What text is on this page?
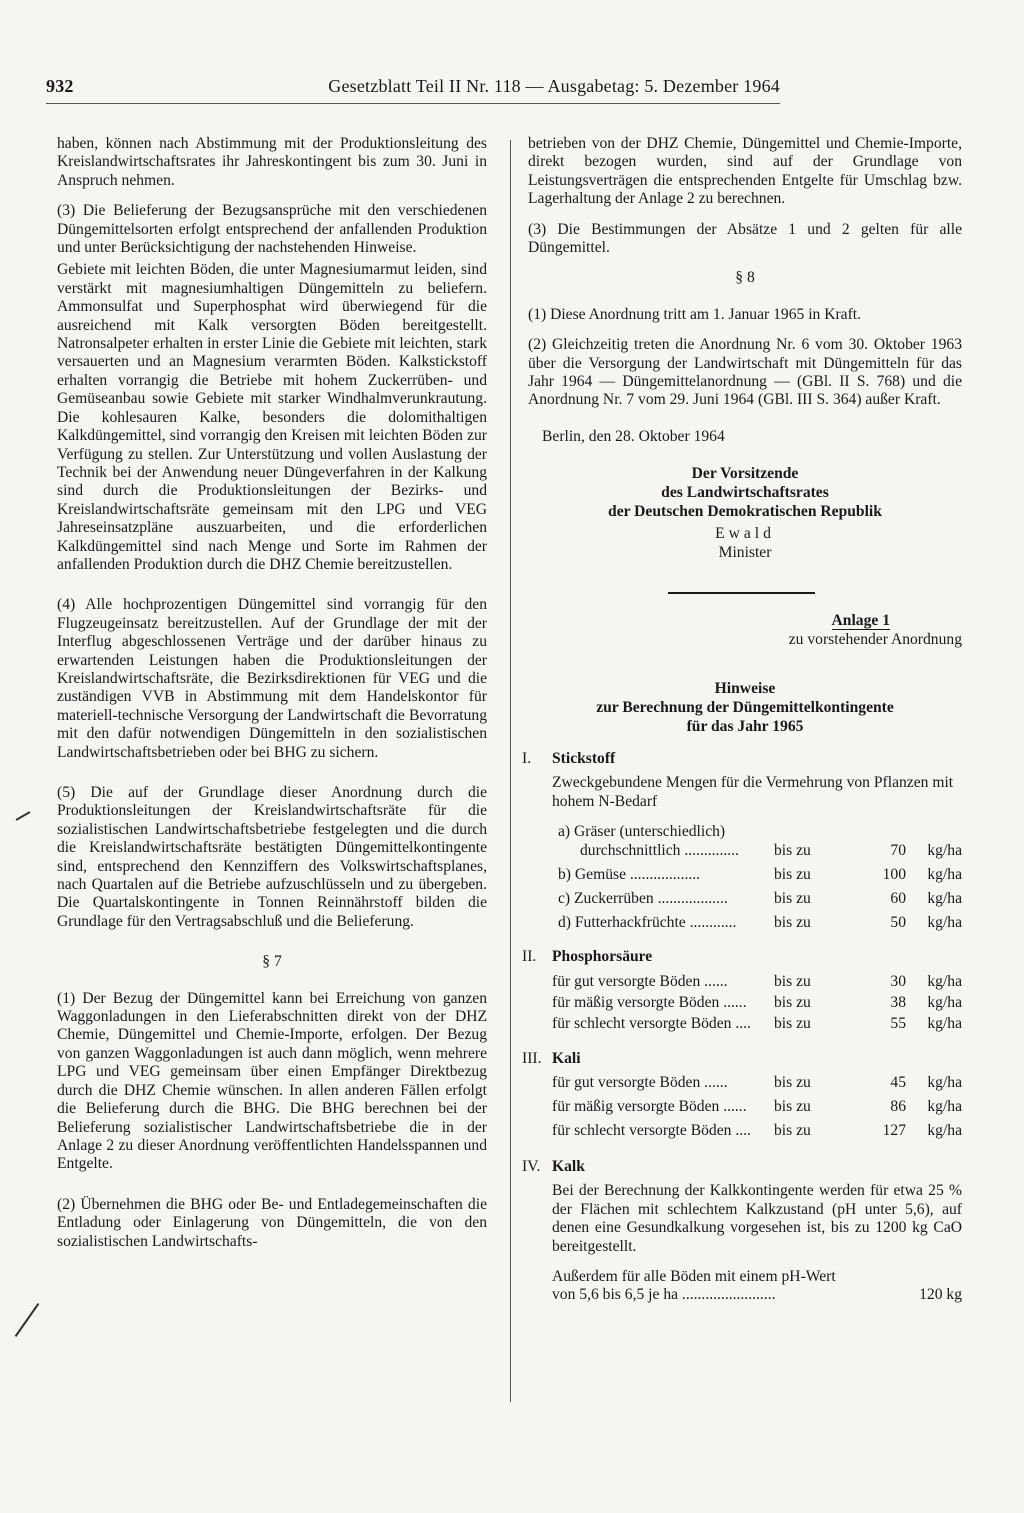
932	Gesetzblatt Teil II Nr. 118 — Ausgabetag: 5. Dezember 1964

haben, können nach Abstimmung mit der Produktionsleitung des Kreislandwirtschaftsrates ihr Jahreskontingent bis zum 30. Juni in Anspruch nehmen.

(3) Die Belieferung der Bezugsansprüche mit den verschiedenen Düngemittelsorten erfolgt entsprechend der anfallenden Produktion und unter Berücksichtigung der nachstehenden Hinweise.

Gebiete mit leichten Böden, die unter Magnesiumarmut leiden, sind verstärkt mit magnesiumhaltigen Düngemitteln zu beliefern. Ammonsulfat und Superphosphat wird überwiegend für die ausreichend mit Kalk versorgten Böden bereitgestellt. Natronsalpeter erhalten in erster Linie die Gebiete mit leichten, stark versauerten und an Magnesium verarmten Böden. Kalkstickstoff erhalten vorrangig die Betriebe mit hohem Zuckerrüben- und Gemüseanbau sowie Gebiete mit starker Windhalmverunkrautung. Die kohlesauren Kalke, besonders die dolomithaltigen Kalkdüngemittel, sind vorrangig den Kreisen mit leichten Böden zur Verfügung zu stellen. Zur Unterstützung und vollen Auslastung der Technik bei der Anwendung neuer Düngeverfahren in der Kalkung sind durch die Produktionsleitungen der Bezirks- und Kreislandwirtschaftsräte gemeinsam mit den LPG und VEG Jahreseinsatzpläne auszuarbeiten, und die erforderlichen Kalkdüngemittel sind nach Menge und Sorte im Rahmen der anfallenden Produktion durch die DHZ Chemie bereitzustellen.

(4) Alle hochprozentigen Düngemittel sind vorrangig für den Flugzeugeinsatz bereitzustellen. Auf der Grundlage der mit der Interflug abgeschlossenen Verträge und der darüber hinaus zu erwartenden Leistungen haben die Produktionsleitungen der Kreislandwirtschaftsräte, die Bezirksdirektionen für VEG und die zuständigen VVB in Abstimmung mit dem Handelskontor für materiell-technische Versorgung der Landwirtschaft die Bevorratung mit den dafür notwendigen Düngemitteln in den sozialistischen Landwirtschaftsbetrieben oder bei BHG zu sichern.

(5) Die auf der Grundlage dieser Anordnung durch die Produktionsleitungen der Kreislandwirtschaftsräte für die sozialistischen Landwirtschaftsbetriebe festgelegten und die durch die Kreislandwirtschaftsräte bestätigten Düngemittelkontingente sind, entsprechend den Kennziffern des Volkswirtschaftsplanes, nach Quartalen auf die Betriebe aufzuschlüsseln und zu übergeben. Die Quartalskontingente in Tonnen Reinnährstoff bilden die Grundlage für den Vertragsabschluß und die Belieferung.

§ 7

(1) Der Bezug der Düngemittel kann bei Erreichung von ganzen Waggonladungen in den Lieferabschnitten direkt von der DHZ Chemie, Düngemittel und Chemie-Importe, erfolgen. Der Bezug von ganzen Waggonladungen ist auch dann möglich, wenn mehrere LPG und VEG gemeinsam über einen Empfänger Direktbezug durch die DHZ Chemie wünschen. In allen anderen Fällen erfolgt die Belieferung durch die BHG. Die BHG berechnen bei der Belieferung sozialistischer Landwirtschaftsbetriebe die in der Anlage 2 zu dieser Anordnung veröffentlichten Handelsspannen und Entgelte.

(2) Übernehmen die BHG oder Be- und Entladegemeinschaften die Entladung oder Einlagerung von Düngemitteln, die von den sozialistischen Landwirtschafts-

betrieben von der DHZ Chemie, Düngemittel und Chemie-Importe, direkt bezogen wurden, sind auf der Grundlage von Leistungsverträgen die entsprechenden Entgelte für Umschlag bzw. Lagerhaltung der Anlage 2 zu berechnen.

(3) Die Bestimmungen der Absätze 1 und 2 gelten für alle Düngemittel.

§ 8

(1) Diese Anordnung tritt am 1. Januar 1965 in Kraft.

(2) Gleichzeitig treten die Anordnung Nr. 6 vom 30. Oktober 1963 über die Versorgung der Landwirtschaft mit Düngemitteln für das Jahr 1964 — Düngemittelanordnung — (GBl. II S. 768) und die Anordnung Nr. 7 vom 29. Juni 1964 (GBl. III S. 364) außer Kraft.

Berlin, den 28. Oktober 1964
Der Vorsitzende
des Landwirtschaftsrates
der Deutschen Demokratischen Republik
Ewald
Minister
Anlage 1
zu vorstehender Anordnung
Hinweise
zur Berechnung der Düngemittelkontingente
für das Jahr 1965
I.	Stickstoff

Zweckgebundene Mengen für die Vermehrung von Pflanzen mit hohem N-Bedarf

a) Gräser (unterschiedlich)
durchschnittlich ..............	bis zu	70	kg/ha
b) Gemüse ..................	bis zu	100	kg/ha
c) Zuckerrüben ..................	bis zu	60	kg/ha
d) Futterhackfrüchte ............	bis zu	50	kg/ha
II.	Phosphorsäure
für gut versorgte Böden ......	bis zu	30	kg/ha
für mäßig versorgte Böden ......	bis zu	38	kg/ha
für schlecht versorgte Böden ....	bis zu	55	kg/ha
III. Kali
für gut versorgte Böden ......	bis zu	45	kg/ha
für mäßig versorgte Böden ......	bis zu	86	kg/ha
für schlecht versorgte Böden ....	bis zu	127	kg/ha
IV. Kalk

Bei der Berechnung der Kalkkontingente werden für etwa 25 % der Flächen mit schlechtem Kalkzustand (pH unter 5,6), auf denen eine Gesundkalkung vorgesehen ist, bis zu 1200 kg CaO bereitgestellt.

Außerdem für alle Böden mit einem pH-Wert
von 5,6 bis 6,5 je ha ........................	120 kg
